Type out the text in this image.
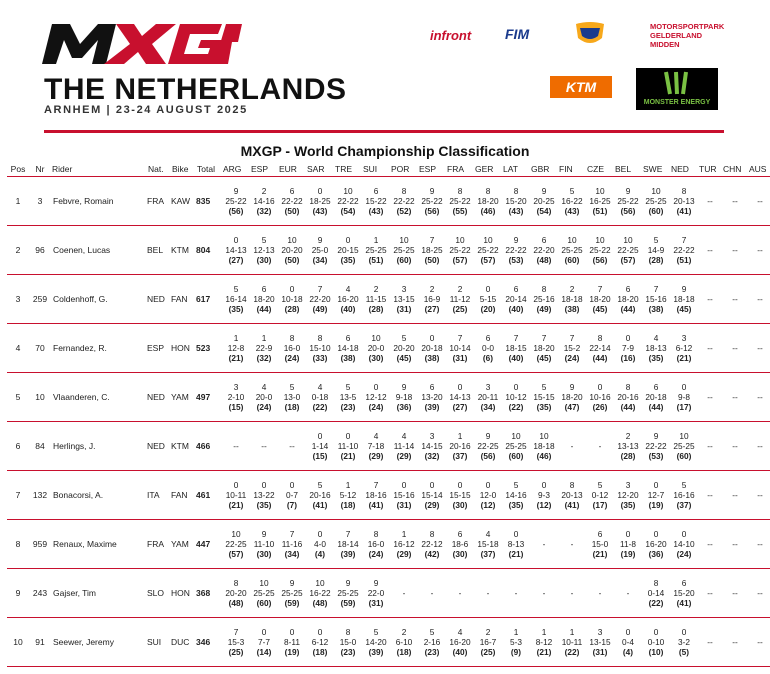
THE NETHERLANDS
ARNHEM | 23-24 AUGUST 2025
infront FIM	MOTORSPORTPARK GELDERLAND MIDDEN
KTM
MONSTER ENERGY
MXGP - World Championship Classification
Pos	Nr	Rider	Nat.	Bike	Total	ARG	ESP	EUR	SAR	TRE	SUI	POR	ESP	FRA	GER	LAT	GBR	FIN	CZE	BEL	SWE	NED	TUR	CHN	AUS
1	3	Febvre, Romain	FRA	KAW	835	9
25-22
(56)	2
14-16
(32)	6
22-22
(50)	0
18-25
(43)	10
22-22
(54)	6
15-22
(43)	8
22-22
(52)	9
25-22
(56)	8
25-22
(55)	8
18-20
(46)	8
15-20
(43)	9
20-25
(54)	5
16-22
(43)	10
16-25
(51)	9
25-22
(56)	10
25-25
(60)	8
20-13
(41)	--	--	--

2	96	Coenen, Lucas	BEL	KTM	804	0
14-13
(27)	5
12-13
(30)	10
20-20
(50)	9
25-0
(34)	0
20-15
(35)	1
25-25
(51)	10
25-25
(60)	7
18-25
(50)	10
25-22
(57)	10
25-22
(57)	9
22-22
(53)	6
22-20
(48)	10
25-25
(60)	10
25-22
(56)	10
22-25
(57)	5
14-9
(28)	7
22-22
(51)	--	--	--

3	259	Coldenhoff, G.	NED	FAN	617	5
16-14
(35)	6
18-20
(44)	0
10-18
(28)	7
22-20
(49)	4
16-20
(40)	2
11-15
(28)	3
13-15
(31)	2
16-9
(27)	2
11-12
(25)	0
5-15
(20)	6
20-14
(40)	8
25-16
(49)	2
18-18
(38)	7
18-20
(45)	6
18-20
(44)	7
15-16
(38)	9
18-18
(45)	--	--	--

4	70	Fernandez, R.	ESP	HON	523	1
12-8
(21)	1
22-9
(32)	8
16-0
(24)	8
15-10
(33)	6
14-18
(38)	10
20-0
(30)	5
20-20
(45)	0
20-18
(38)	7
10-14
(31)	6
0-0
(6)	7
18-15
(40)	7
18-20
(45)	7
15-2
(24)	8
22-14
(44)	0
7-9
(16)	4
18-13
(35)	3
6-12
(21)	--	--	--

5	10	Vlaanderen, C.	NED	YAM	497	3
2-10
(15)	4
20-0
(24)	5
13-0
(18)	4
0-18
(22)	5
13-5
(23)	0
12-12
(24)	9
9-18
(36)	6
13-20
(39)	0
14-13
(27)	3
20-11
(34)	0
10-12
(22)	5
15-15
(35)	9
18-20
(47)	0
10-16
(26)	8
20-16
(44)	6
20-18
(44)	0
9-8
(17)	--	--	--

6	84	Herlings, J.	NED	KTM	466	--	--	--	0
1-14
(15)	0
11-10
(21)	4
7-18
(29)	4
11-14
(29)	3
14-15
(32)	1
20-16
(37)	9
22-25
(56)	10
25-25
(60)	10
18-18
(46)	-	-	2
13-13
(28)	9
22-22
(53)	10
25-25
(60)	--	--	--

7	132	Bonacorsi, A.	ITA	FAN	461	0
10-11
(21)	0
13-22
(35)	0
0-7
(7)	5
20-16
(41)	1
5-12
(18)	7
18-16
(41)	0
15-16
(31)	0
15-14
(29)	0
15-15
(30)	0
12-0
(12)	5
14-16
(35)	0
9-3
(12)	8
20-13
(41)	5
0-12
(17)	3
12-20
(35)	0
12-7
(19)	5
16-16
(37)	--	--	--

8	959	Renaux, Maxime	FRA	YAM	447	10
22-25
(57)	9
11-10
(30)	7
11-16
(34)	0
4-0
(4)	7
18-14
(39)	8
16-0
(24)	1
16-12
(29)	8
22-12
(42)	6
18-6
(30)	4
15-18
(37)	0
8-13
(21)	-	-	6
15-0
(21)	0
11-8
(19)	0
16-20
(36)	0
14-10
(24)	--	--	--

9	243	Gajser, Tim	SLO	HON	368	8
20-20
(48)	10
25-25
(60)	9
25-25
(59)	10
16-22
(48)	9
25-25
(59)	9
22-0
(31)	-	-	-	-	-	-	-	-	-	8
0-14
(22)	6
15-20
(41)	--	--	--

10	91	Seewer, Jeremy	SUI	DUC	346	7
15-3
(25)	0
7-7
(14)	0
8-11
(19)	0
6-12
(18)	8
15-0
(23)	5
14-20
(39)	2
6-10
(18)	5
2-16
(23)	4
16-20
(40)	2
16-7
(25)	1
5-3
(9)	1
8-12
(21)	1
10-11
(22)	3
13-15
(31)	0
0-4
(4)	0
0-10
(10)	0
3-2
(5)	--	--	--
